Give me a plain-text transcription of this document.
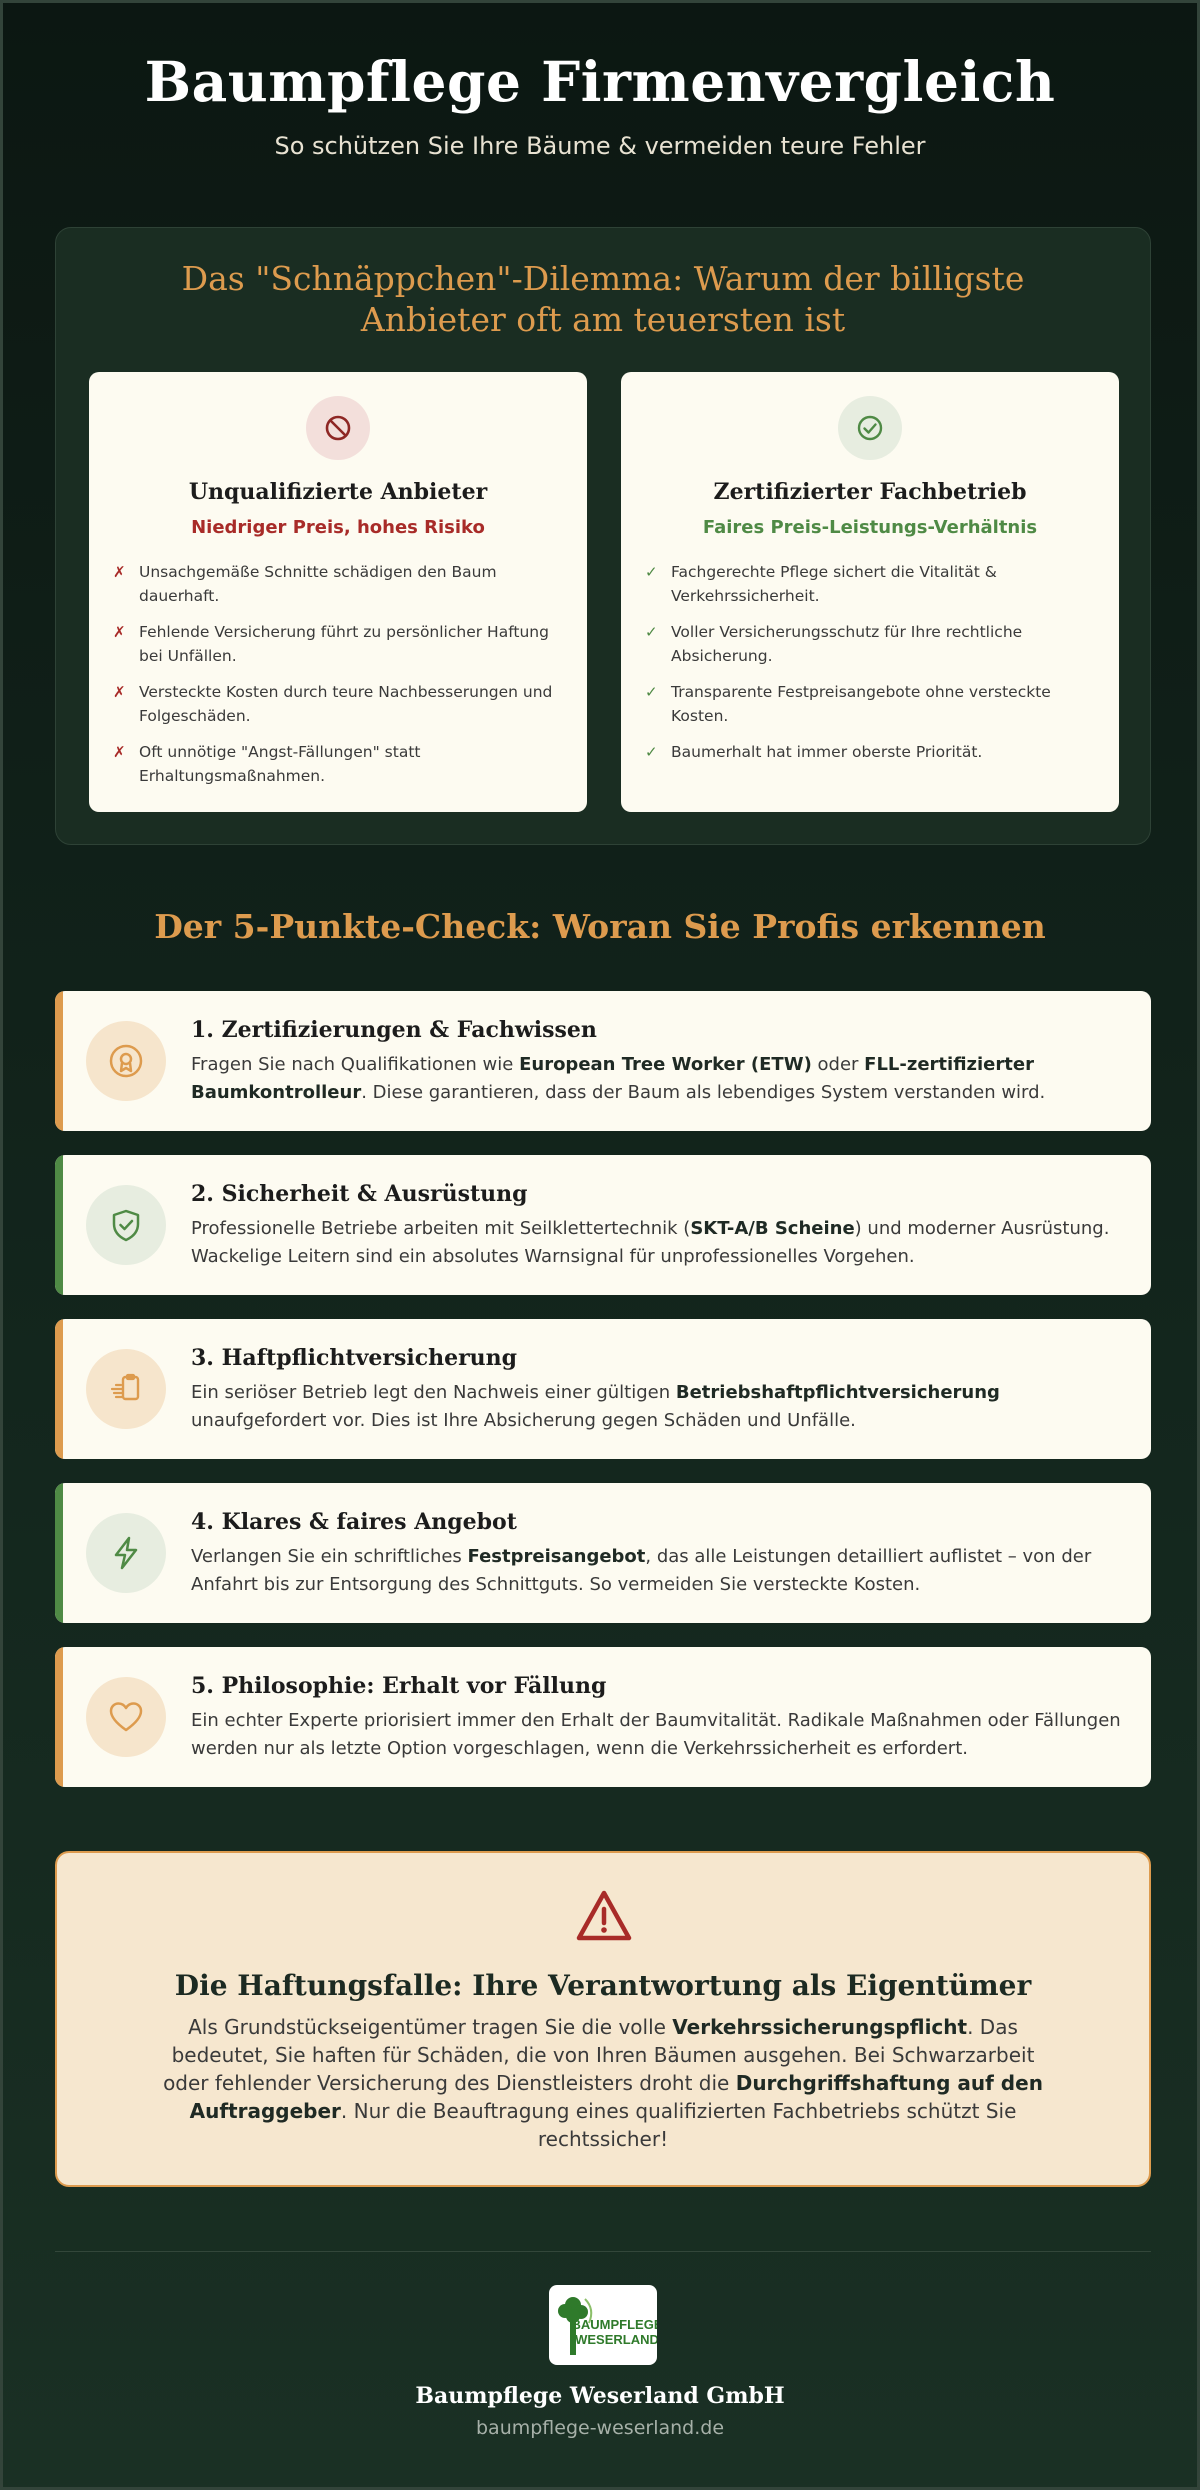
Baumpflege Firmenvergleich

So schützen Sie Ihre Bäume & vermeiden teure Fehler

Das "Schnäppchen"-Dilemma: Warum der billigste Anbieter oft am teuersten ist
Unqualifizierte Anbieter
Niedriger Preis, hohes Risiko
✗ Unsachgemäße Schnitte schädigen den Baum dauerhaft.
✗ Fehlende Versicherung führt zu persönlicher Haftung bei Unfällen.
✗ Versteckte Kosten durch teure Nachbesserungen und Folgeschäden.
✗ Oft unnötige "Angst-Fällungen" statt Erhaltungsmaßnahmen.
Zertifizierter Fachbetrieb
Faires Preis-Leistungs-Verhältnis
✓ Fachgerechte Pflege sichert die Vitalität & Verkehrssicherheit.
✓ Voller Versicherungsschutz für Ihre rechtliche Absicherung.
✓ Transparente Festpreisangebote ohne versteckte Kosten.
✓ Baumerhalt hat immer oberste Priorität.
Der 5-Punkte-Check: Woran Sie Profis erkennen
1. Zertifizierungen & Fachwissen
Fragen Sie nach Qualifikationen wie European Tree Worker (ETW) oder FLL-zertifizierter Baumkontrolleur. Diese garantieren, dass der Baum als lebendiges System verstanden wird.
2. Sicherheit & Ausrüstung
Professionelle Betriebe arbeiten mit Seilklettertechnik (SKT-A/B Scheine) und moderner Ausrüstung. Wackelige Leitern sind ein absolutes Warnsignal für unprofessionelles Vorgehen.
3. Haftpflichtversicherung
Ein seriöser Betrieb legt den Nachweis einer gültigen Betriebshaftpflichtversicherung unaufgefordert vor. Dies ist Ihre Absicherung gegen Schäden und Unfälle.
4. Klares & faires Angebot
Verlangen Sie ein schriftliches Festpreisangebot, das alle Leistungen detailliert auflistet – von der Anfahrt bis zur Entsorgung des Schnittguts. So vermeiden Sie versteckte Kosten.
5. Philosophie: Erhalt vor Fällung
Ein echter Experte priorisiert immer den Erhalt der Baumvitalität. Radikale Maßnahmen oder Fällungen werden nur als letzte Option vorgeschlagen, wenn die Verkehrssicherheit es erfordert.
Die Haftungsfalle: Ihre Verantwortung als Eigentümer
Als Grundstückseigentümer tragen Sie die volle Verkehrssicherungspflicht. Das bedeutet, Sie haften für Schäden, die von Ihren Bäumen ausgehen. Bei Schwarzarbeit oder fehlender Versicherung des Dienstleisters droht die Durchgriffshaftung auf den Auftraggeber. Nur die Beauftragung eines qualifizierten Fachbetriebs schützt Sie rechtssicher!
BAUMPFLEGE
WESERLAND
Baumpflege Weserland GmbH
baumpflege-weserland.de
